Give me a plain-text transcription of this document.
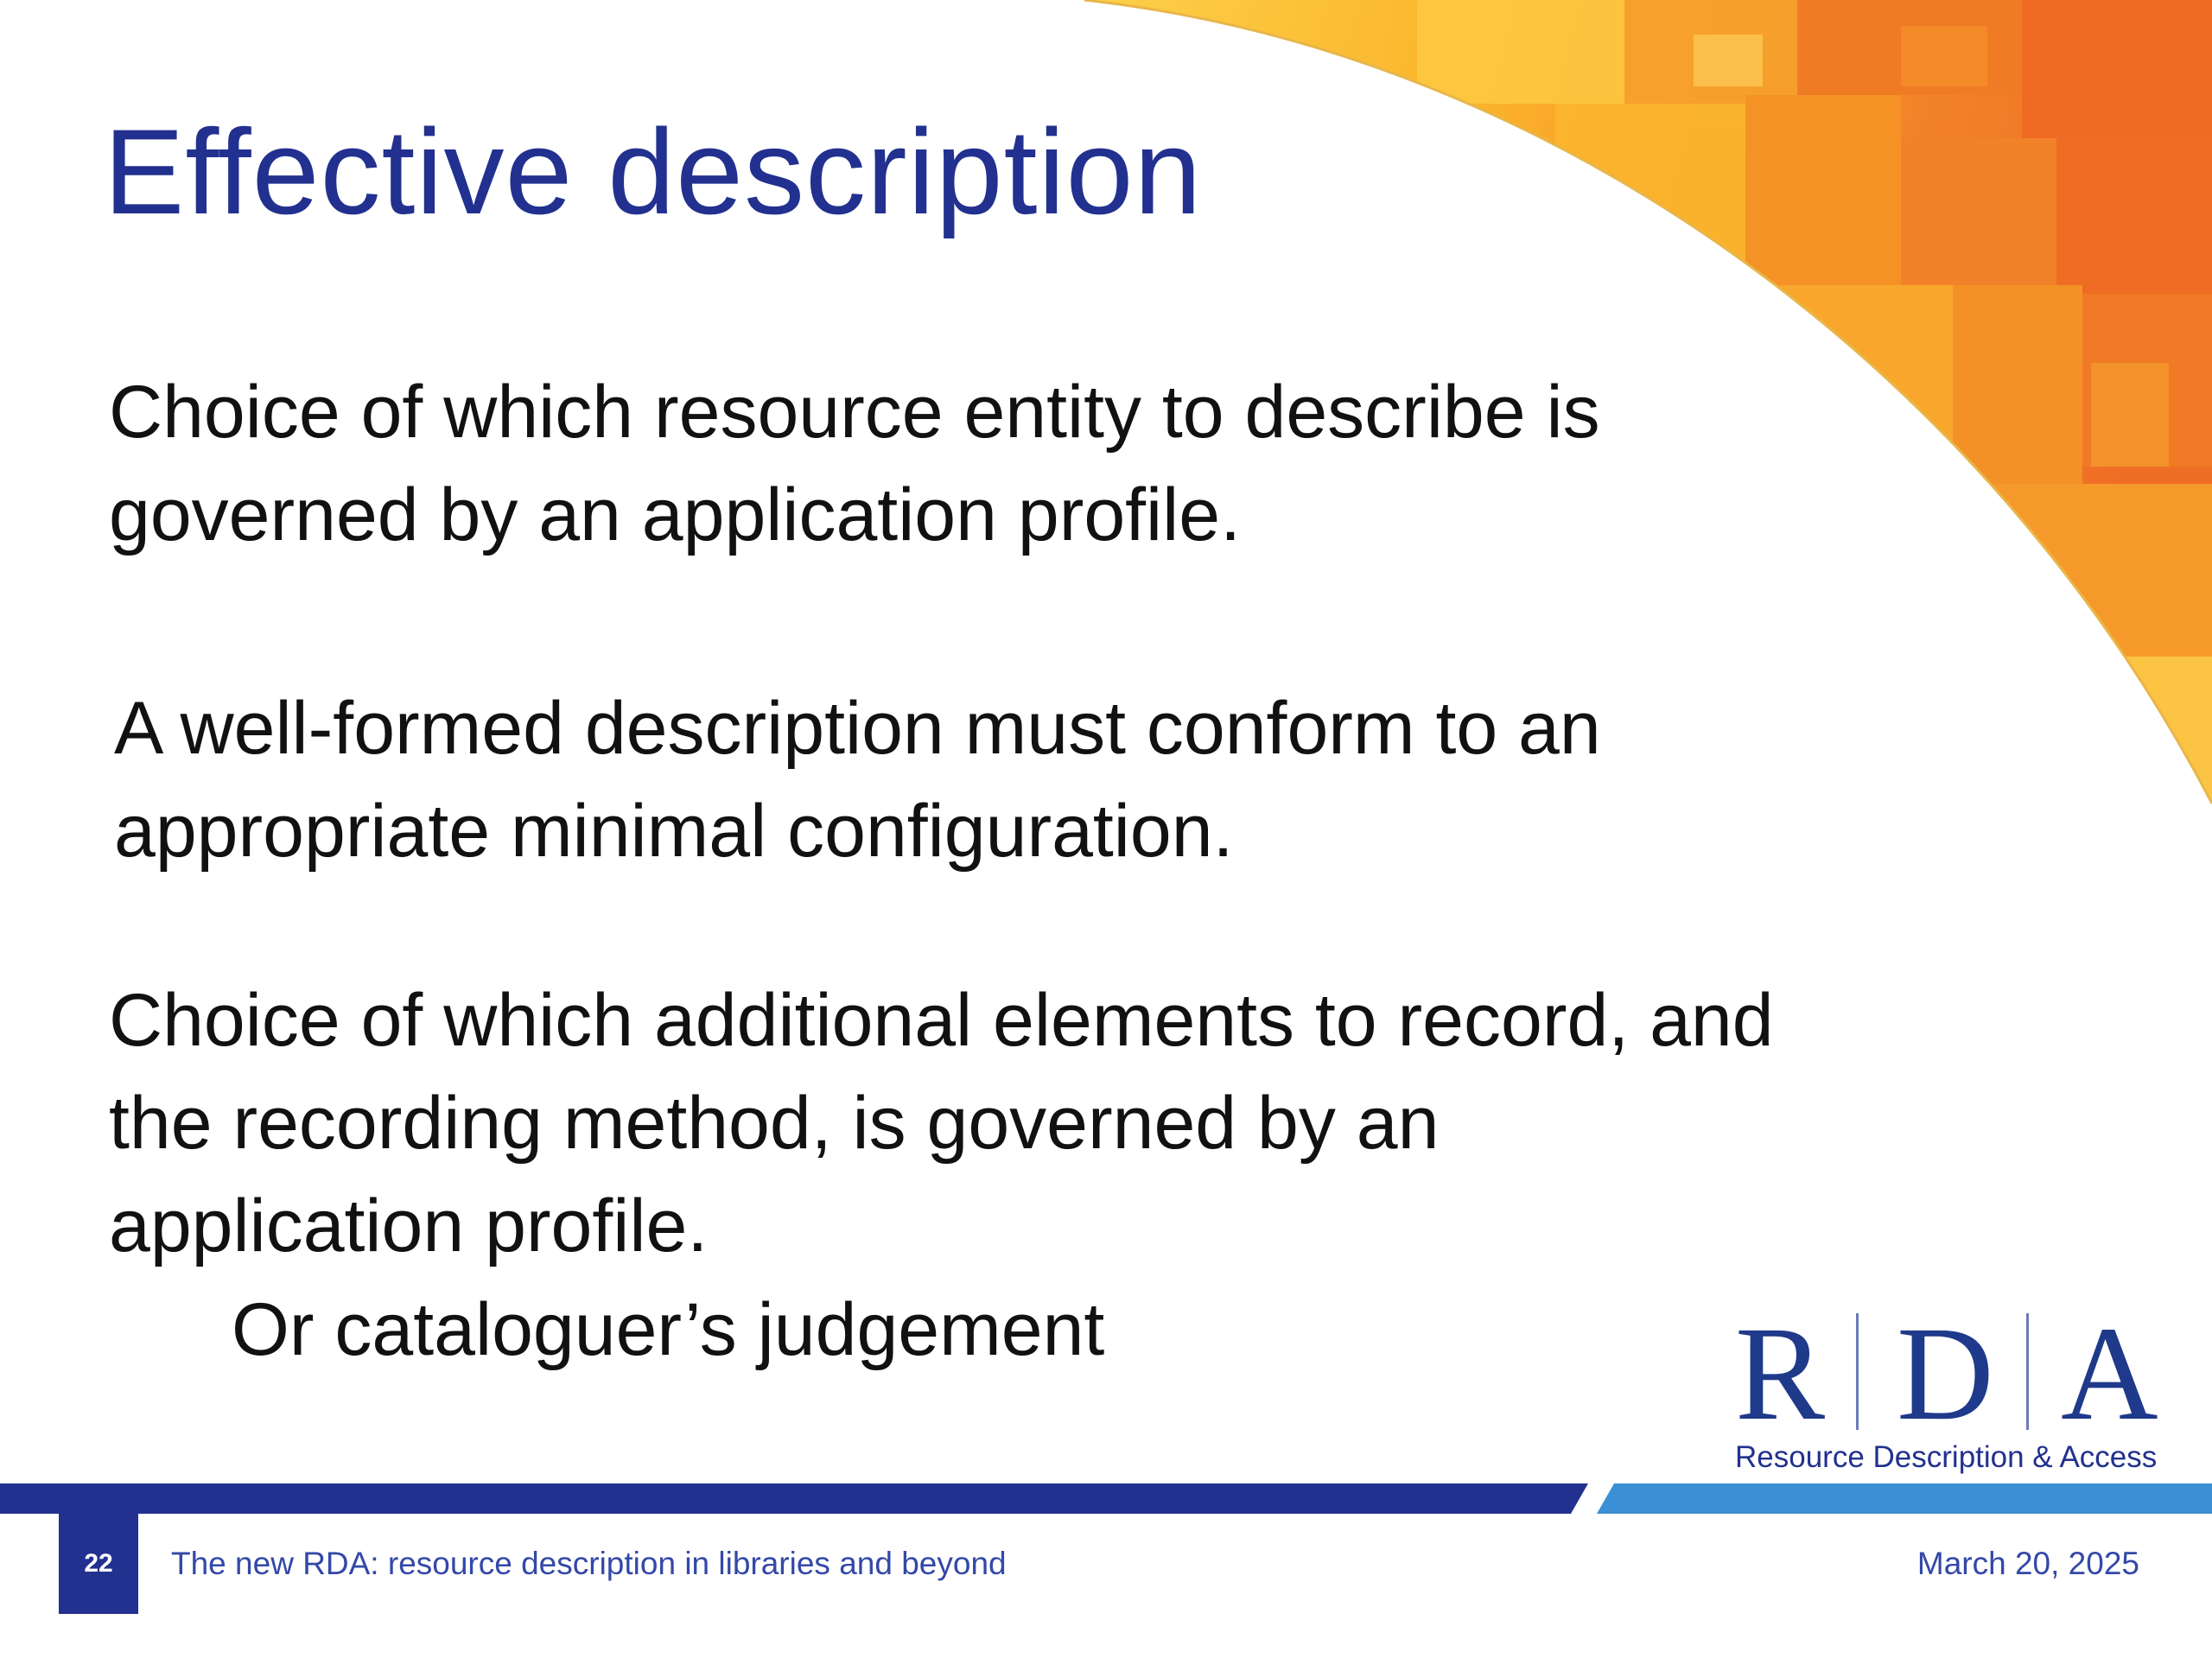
Effective description

Choice of which resource entity to describe is governed by an application profile.

A well-formed description must conform to an appropriate minimal configuration.

Choice of which additional elements to record, and the recording method, is governed by an application profile.

Or cataloguer’s judgement	R D A
Resource Description & Access
22	The new RDA: resource description in libraries and beyond	March 20, 2025
